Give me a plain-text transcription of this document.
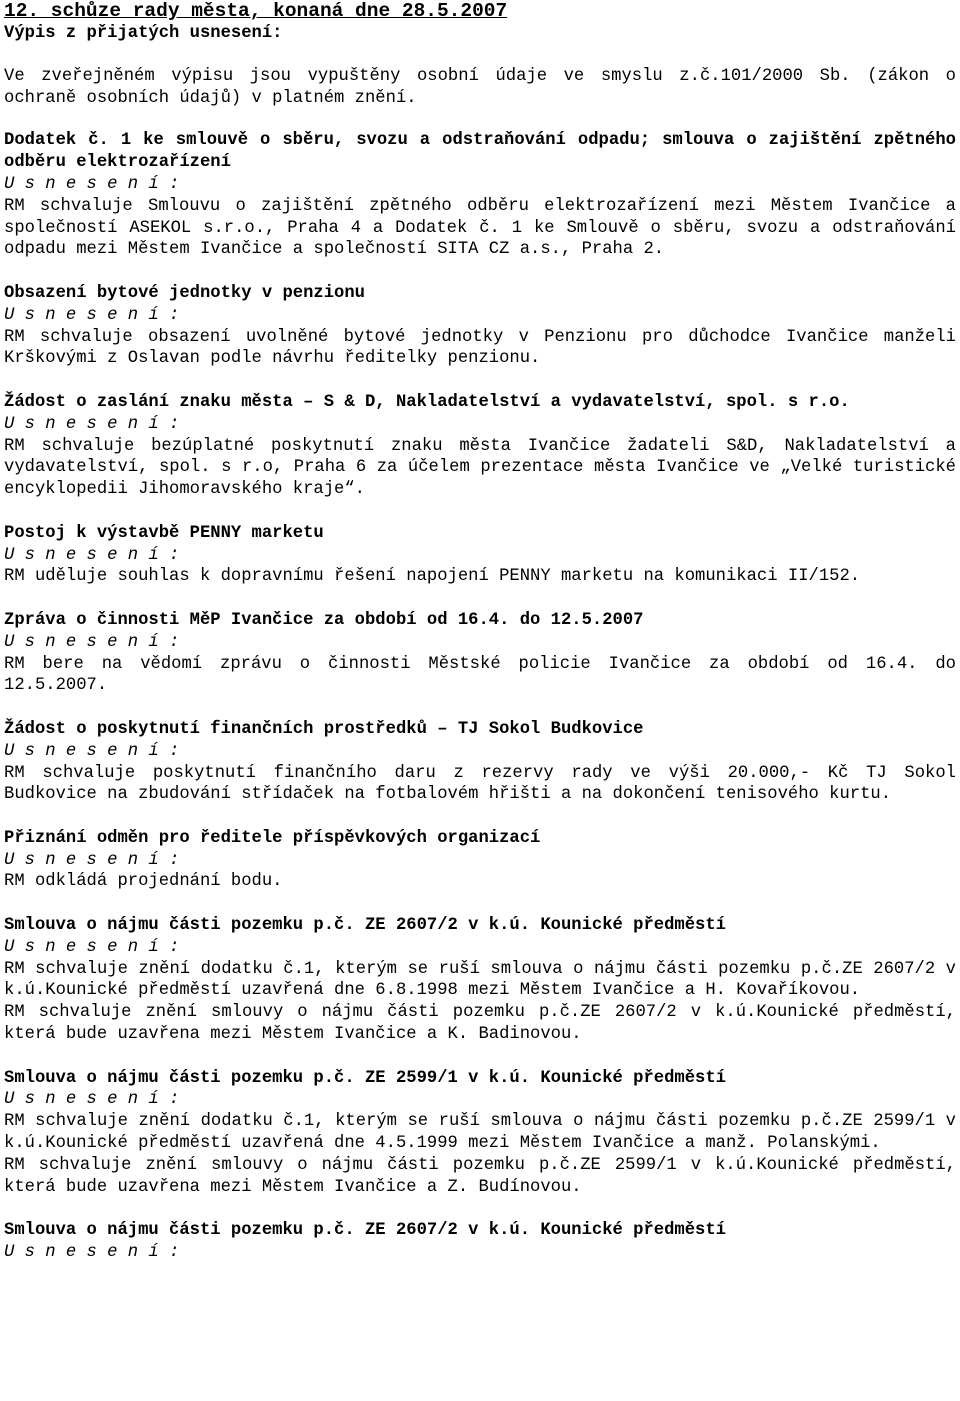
12. schůze rady města, konaná dne 28.5.2007

Výpis z přijatých usnesení:

Ve zveřejněném výpisu jsou vypuštěny osobní údaje ve smyslu z.č.101/2000 Sb. (zákon o ochraně osobních údajů) v platném znění.

Dodatek č. 1 ke smlouvě o sběru, svozu a odstraňování odpadu; smlouva o zajištění zpětného odběru elektrozařízení

U s n e s e n í :

RM schvaluje Smlouvu o zajištění zpětného odběru elektrozařízení mezi Městem Ivančice a společností ASEKOL s.r.o., Praha 4 a Dodatek č. 1 ke Smlouvě o sběru, svozu a odstraňování odpadu mezi Městem Ivančice a společností SITA CZ a.s., Praha 2.

Obsazení bytové jednotky v penzionu

U s n e s e n í :

RM schvaluje obsazení uvolněné bytové jednotky v Penzionu pro důchodce Ivančice manželi Krškovými z Oslavan podle návrhu ředitelky penzionu.

Žádost o zaslání znaku města – S & D, Nakladatelství a vydavatelství, spol. s r.o.

U s n e s e n í :

RM schvaluje bezúplatné poskytnutí znaku města Ivančice žadateli S&D, Nakladatelství a vydavatelství, spol. s r.o, Praha 6 za účelem prezentace města Ivančice ve „Velké turistické encyklopedii Jihomoravského kraje“.

Postoj k výstavbě PENNY marketu

U s n e s e n í :

RM uděluje souhlas k dopravnímu řešení napojení PENNY marketu na komunikaci II/152.

Zpráva o činnosti MěP Ivančice za období od 16.4. do 12.5.2007

U s n e s e n í :

RM bere na vědomí zprávu o činnosti Městské policie Ivančice za období od 16.4. do 12.5.2007.

Žádost o poskytnutí finančních prostředků – TJ Sokol Budkovice

U s n e s e n í :

RM schvaluje poskytnutí finančního daru z rezervy rady ve výši 20.000,- Kč TJ Sokol Budkovice na zbudování střídaček na fotbalovém hřišti a na dokončení tenisového kurtu.

Přiznání odměn pro ředitele příspěvkových organizací

U s n e s e n í :

RM odkládá projednání bodu.

Smlouva o nájmu části pozemku p.č. ZE 2607/2 v k.ú. Kounické předměstí

U s n e s e n í :

RM schvaluje znění dodatku č.1, kterým se ruší smlouva o nájmu části pozemku p.č.ZE 2607/2 v k.ú.Kounické předměstí uzavřená dne 6.8.1998 mezi Městem Ivančice a H. Kovaříkovou.

RM schvaluje znění smlouvy o nájmu části pozemku p.č.ZE 2607/2 v k.ú.Kounické předměstí, která bude uzavřena mezi Městem Ivančice a K. Badinovou.

Smlouva o nájmu části pozemku p.č. ZE 2599/1 v k.ú. Kounické předměstí

U s n e s e n í :

RM schvaluje znění dodatku č.1, kterým se ruší smlouva o nájmu části pozemku p.č.ZE 2599/1 v k.ú.Kounické předměstí uzavřená dne 4.5.1999 mezi Městem Ivančice a manž. Polanskými.

RM schvaluje znění smlouvy o nájmu části pozemku p.č.ZE 2599/1 v k.ú.Kounické předměstí, která bude uzavřena mezi Městem Ivančice a Z. Budínovou.

Smlouva o nájmu části pozemku p.č. ZE 2607/2 v k.ú. Kounické předměstí

U s n e s e n í :
